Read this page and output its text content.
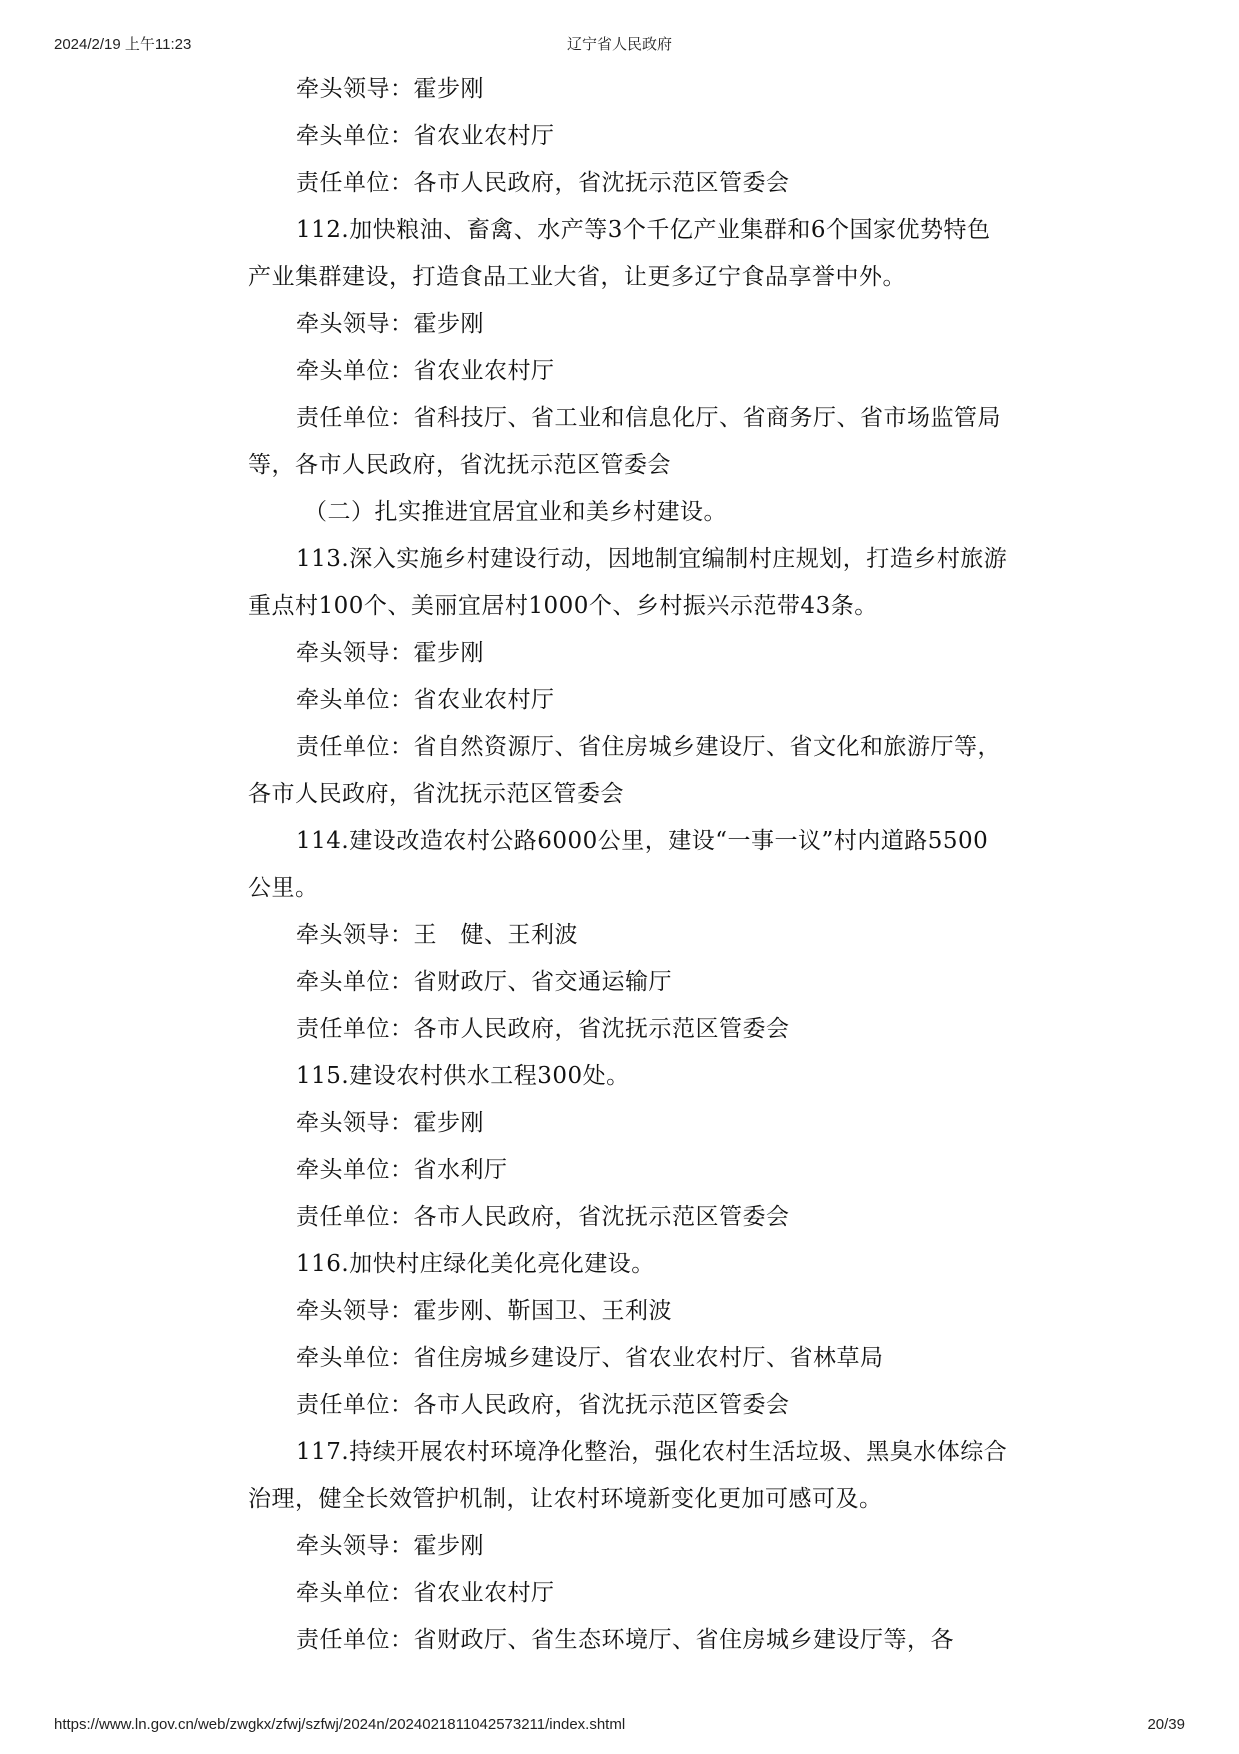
2024/2/19 上午11:23	辽宁省人民政府

牵头领导：霍步刚

牵头单位：省农业农村厅

责任单位：各市人民政府，省沈抚示范区管委会

112.加快粮油、畜禽、水产等3个千亿产业集群和6个国家优势特色产业集群建设，打造食品工业大省，让更多辽宁食品享誉中外。

牵头领导：霍步刚

牵头单位：省农业农村厅

责任单位：省科技厅、省工业和信息化厅、省商务厅、省市场监管局等，各市人民政府，省沈抚示范区管委会

（二）扎实推进宜居宜业和美乡村建设。

113.深入实施乡村建设行动，因地制宜编制村庄规划，打造乡村旅游重点村100个、美丽宜居村1000个、乡村振兴示范带43条。

牵头领导：霍步刚

牵头单位：省农业农村厅

责任单位：省自然资源厅、省住房城乡建设厅、省文化和旅游厅等，各市人民政府，省沈抚示范区管委会

114.建设改造农村公路6000公里，建设“一事一议”村内道路5500公里。

牵头领导：王　健、王利波

牵头单位：省财政厅、省交通运输厅

责任单位：各市人民政府，省沈抚示范区管委会

115.建设农村供水工程300处。

牵头领导：霍步刚

牵头单位：省水利厅

责任单位：各市人民政府，省沈抚示范区管委会

116.加快村庄绿化美化亮化建设。

牵头领导：霍步刚、靳国卫、王利波

牵头单位：省住房城乡建设厅、省农业农村厅、省林草局

责任单位：各市人民政府，省沈抚示范区管委会

117.持续开展农村环境净化整治，强化农村生活垃圾、黑臭水体综合治理，健全长效管护机制，让农村环境新变化更加可感可及。

牵头领导：霍步刚

牵头单位：省农业农村厅

责任单位：省财政厅、省生态环境厅、省住房城乡建设厅等，各

https://www.ln.gov.cn/web/zwgkx/zfwj/szfwj/2024n/2024021811042573211/index.shtml	20/39
